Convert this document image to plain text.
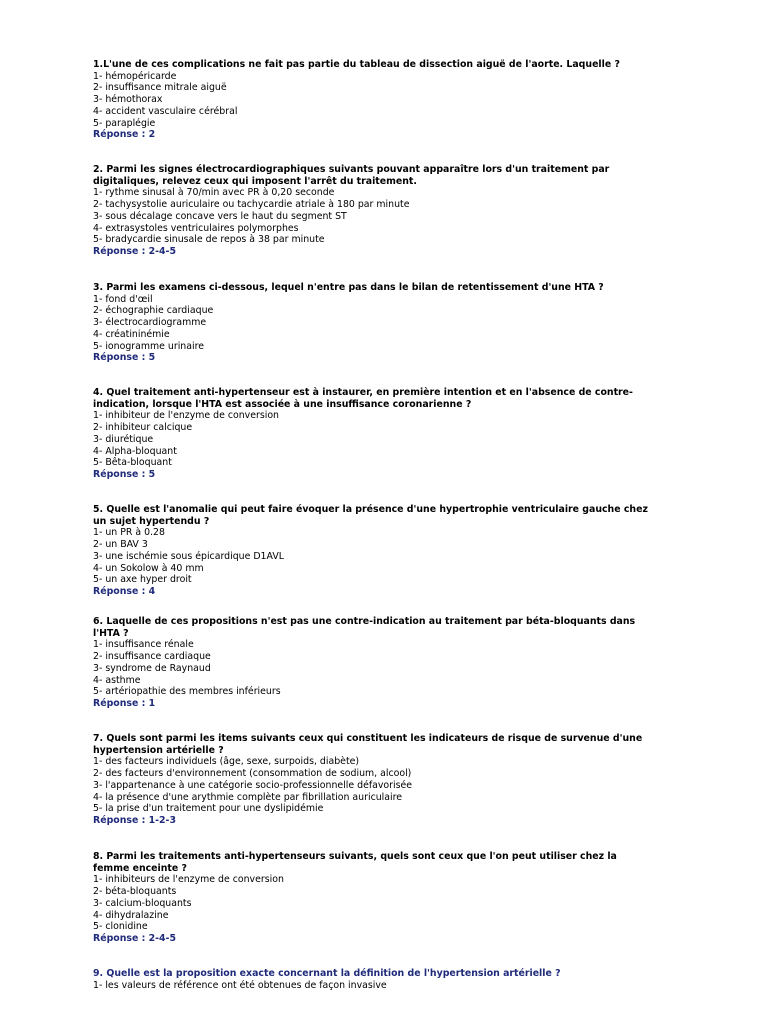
1.L'une de ces complications ne fait pas partie du tableau de dissection aiguë de l'aorte. Laquelle ?
1- hémopéricarde
2- insuffisance mitrale aiguë
3- hémothorax
4- accident vasculaire cérébral
5- paraplégie
Réponse : 2
2. Parmi les signes électrocardiographiques suivants pouvant apparaître lors d'un traitement par digitaliques, relevez ceux qui imposent l'arrêt du traitement.
1- rythme sinusal à 70/min avec PR à 0,20 seconde
2- tachysystolie auriculaire ou tachycardie atriale à 180 par minute
3- sous décalage concave vers le haut du segment ST
4- extrasystoles ventriculaires polymorphes
5- bradycardie sinusale de repos à 38 par minute
Réponse : 2-4-5
3. Parmi les examens ci-dessous, lequel n'entre pas dans le bilan de retentissement d'une HTA ?
1- fond d'œil
2- échographie cardiaque
3- électrocardiogramme
4- créatininémie
5- ionogramme urinaire
Réponse : 5
4. Quel traitement anti-hypertenseur est à instaurer, en première intention et en l'absence de contre-indication, lorsque l'HTA est associée à une insuffisance coronarienne ?
1- inhibiteur de l'enzyme de conversion
2- inhibiteur calcique
3- diurétique
4- Alpha-bloquant
5- Bêta-bloquant
Réponse : 5
5. Quelle est l'anomalie qui peut faire évoquer la présence d'une hypertrophie ventriculaire gauche chez un sujet hypertendu ?
1- un PR à 0.28
2- un BAV 3
3- une ischémie sous épicardique D1AVL
4- un Sokolow à 40 mm
5- un axe hyper droit
Réponse : 4
6. Laquelle de ces propositions n'est pas une contre-indication au traitement par béta-bloquants dans l'HTA ?
1- insuffisance rénale
2- insuffisance cardiaque
3- syndrome de Raynaud
4- asthme
5- artériopathie des membres inférieurs
Réponse : 1
7. Quels sont parmi les items suivants ceux qui constituent les indicateurs de risque de survenue d'une hypertension artérielle ?
1- des facteurs individuels (âge, sexe, surpoids, diabète)
2- des facteurs d'environnement (consommation de sodium, alcool)
3- l'appartenance à une catégorie socio-professionnelle défavorisée
4- la présence d'une arythmie complète par fibrillation auriculaire
5- la prise d'un traitement pour une dyslipidémie
Réponse : 1-2-3
8. Parmi les traitements anti-hypertenseurs suivants, quels sont ceux que l'on peut utiliser chez la femme enceinte ?
1- inhibiteurs de l'enzyme de conversion
2- béta-bloquants
3- calcium-bloquants
4- dihydralazine
5- clonidine
Réponse : 2-4-5
9. Quelle est la proposition exacte concernant la définition de l'hypertension artérielle ?
1- les valeurs de référence ont été obtenues de façon invasive
